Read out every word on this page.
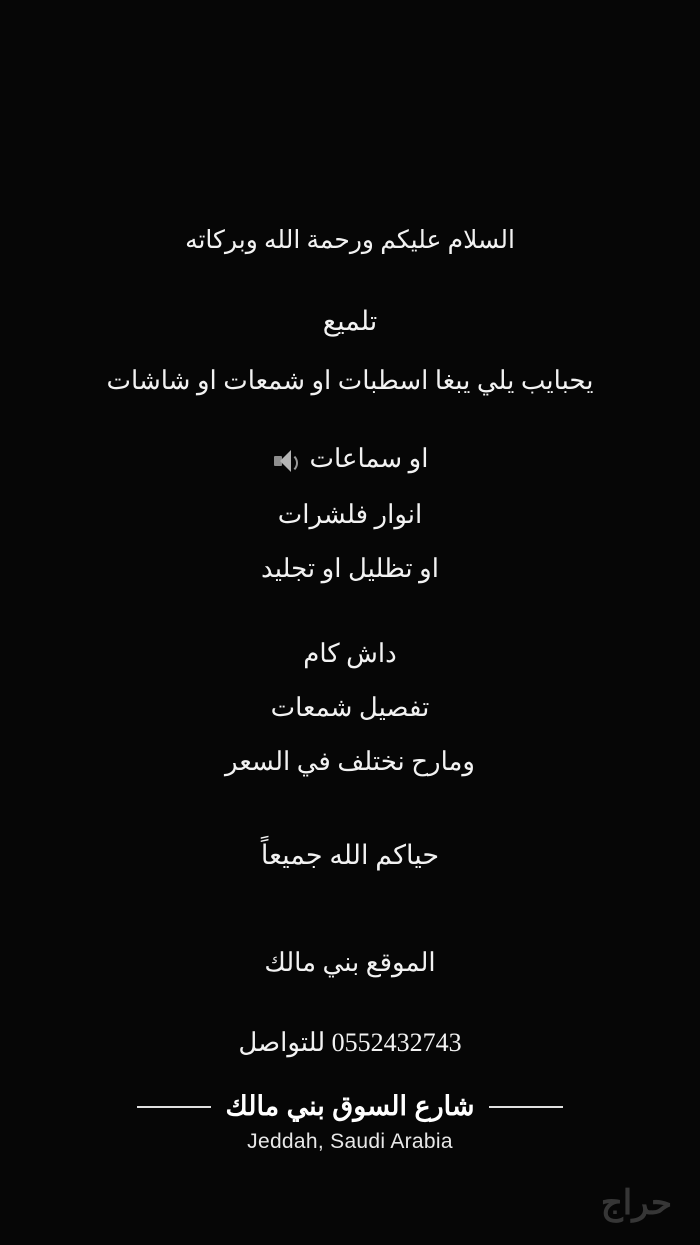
السلام عليكم ورحمة الله وبركاته
تلميع
يحبايب يلي يبغا اسطبات او شمعات او شاشات
او سماعات
انوار فلشرات
او تظليل او تجليد
داش كام
تفصيل شمعات
ومارح نختلف في السعر
حياكم الله جميعاً
الموقع بني مالك
0552432743 للتواصل
شارع السوق بني مالك
Jeddah, Saudi Arabia
حراج
